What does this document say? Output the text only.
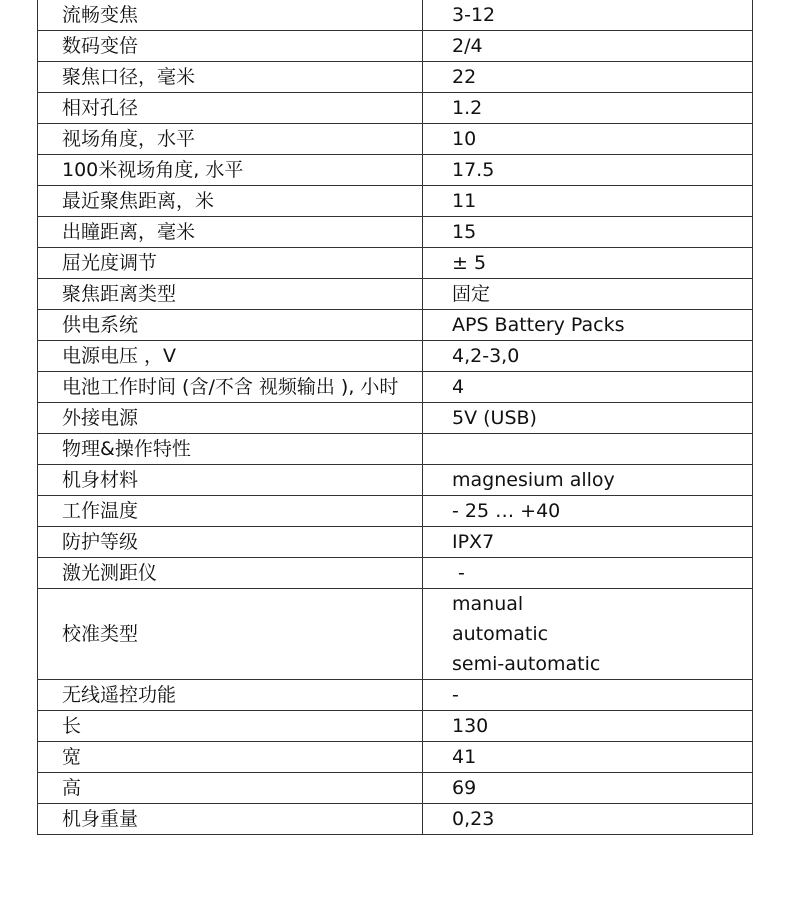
流畅变焦	3-12
数码变倍	2/4
聚焦口径，毫米	22
相对孔径	1.2
视场角度，水平	10
100米视场角度, 水平	17.5
最近聚焦距离，米	11
出瞳距离，毫米	15
屈光度调节	± 5
聚焦距离类型	固定
供电系统	APS Battery Packs
电源电压 ，V	4,2-3,0
电池工作时间 (含/不含 视频输出 ), 小时	4
外接电源	5V (USB)
物理&操作特性	
机身材料	magnesium alloy
工作温度	- 25 … +40
防护等级	IPX7
激光测距仪	-
校准类型	manual
automatic
semi-automatic

无线遥控功能	-
长	130
宽	41
高	69
机身重量	0,23
